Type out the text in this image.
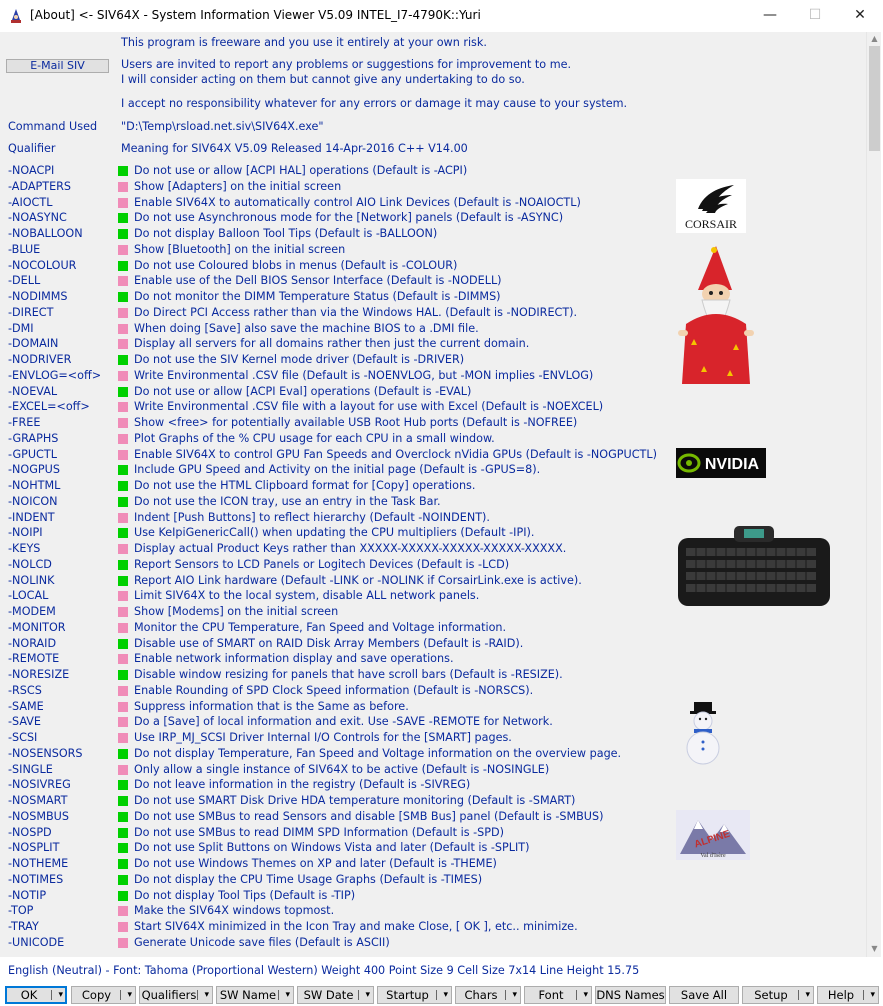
[About] <- SIV64X - System Information Viewer V5.09 INTEL_I7-4790K::Yuri	—	☐	✕
This program is freeware and you use it entirely at your own risk.
E-Mail SIV	Users are invited to report any problems or suggestions for improvement to me.
I will consider acting on them but cannot give any undertaking to do so.
I accept no responsibility whatever for any errors or damage it may cause to your system.
Command Used "D:\Temp\rsload.net.siv\SIV64X.exe"
Qualifier	Meaning for SIV64X V5.09 Released 14-Apr-2016 C++ V14.00
-NOACPI	Do not use or allow [ACPI HAL] operations (Default is -ACPI)
-ADAPTERS	Show [Adapters] on the initial screen
-AIOCTL	Enable SIV64X to automatically control AIO Link Devices (Default is -NOAIOCTL)
-NOASYNC	Do not use Asynchronous mode for the [Network] panels (Default is -ASYNC)
-NOBALLOON	Do not display Balloon Tool Tips (Default is -BALLOON)
-BLUE	Show [Bluetooth] on the initial screen
-NOCOLOUR	Do not use Coloured blobs in menus (Default is -COLOUR)
-DELL	Enable use of the Dell BIOS Sensor Interface (Default is -NODELL)
-NODIMMS	Do not monitor the DIMM Temperature Status (Default is -DIMMS)
-DIRECT	Do Direct PCI Access rather than via the Windows HAL. (Default is -NODIRECT).
-DMI	When doing [Save] also save the machine BIOS to a .DMI file.
-DOMAIN	Display all servers for all domains rather then just the current domain.
-NODRIVER	Do not use the SIV Kernel mode driver (Default is -DRIVER)
-ENVLOG=<off>	Write Environmental .CSV file (Default is -NOENVLOG, but -MON implies -ENVLOG)
-NOEVAL	Do not use or allow [ACPI Eval] operations (Default is -EVAL)
-EXCEL=<off>	Write Environmental .CSV file with a layout for use with Excel (Default is -NOEXCEL)
-FREE	Show <free> for potentially available USB Root Hub ports (Default is -NOFREE)
-GRAPHS	Plot Graphs of the % CPU usage for each CPU in a small window.
-GPUCTL	Enable SIV64X to control GPU Fan Speeds and Overclock nVidia GPUs (Default is -NOGPUCTL)
-NOGPUS	Include GPU Speed and Activity on the initial page (Default is -GPUS=8).
-NOHTML	Do not use the HTML Clipboard format for [Copy] operations.
-NOICON	Do not use the ICON tray, use an entry in the Task Bar.
-INDENT	Indent [Push Buttons] to reflect hierarchy (Default -NOINDENT).
-NOIPI	Use KeIpiGenericCall() when updating the CPU multipliers (Default -IPI).
-KEYS	Display actual Product Keys rather than XXXXX-XXXXX-XXXXX-XXXXX-XXXXX.
-NOLCD	Report Sensors to LCD Panels or Logitech Devices (Default is -LCD)
-NOLINK	Report AIO Link hardware (Default -LINK or -NOLINK if CorsairLink.exe is active).
-LOCAL	Limit SIV64X to the local system, disable ALL network panels.
-MODEM	Show [Modems] on the initial screen
-MONITOR	Monitor the CPU Temperature, Fan Speed and Voltage information.
-NORAID	Disable use of SMART on RAID Disk Array Members (Default is -RAID).
-REMOTE	Enable network information display and save operations.
-NORESIZE	Disable window resizing for panels that have scroll bars (Default is -RESIZE).
-RSCS	Enable Rounding of SPD Clock Speed information (Default is -NORSCS).
-SAME	Suppress information that is the Same as before.
-SAVE	Do a [Save] of local information and exit. Use -SAVE -REMOTE for Network.
-SCSI	Use IRP_MJ_SCSI Driver Internal I/O Controls for the [SMART] pages.
-NOSENSORS	Do not display Temperature, Fan Speed and Voltage information on the overview page.
-SINGLE	Only allow a single instance of SIV64X to be active (Default is -NOSINGLE)
-NOSIVREG	Do not leave information in the registry (Default is -SIVREG)
-NOSMART	Do not use SMART Disk Drive HDA temperature monitoring (Default is -SMART)
-NOSMBUS	Do not use SMBus to read Sensors and disable [SMB Bus] panel (Default is -SMBUS)
-NOSPD	Do not use SMBus to read DIMM SPD Information (Default is -SPD)
-NOSPLIT	Do not use Split Buttons on Windows Vista and later (Default is -SPLIT)
-NOTHEME	Do not use Windows Themes on XP and later (Default is -THEME)
-NOTIMES	Do not display the CPU Time Usage Graphs (Default is -TIMES)
-NOTIP	Do not display Tool Tips (Default is -TIP)
-TOP	Make the SIV64X windows topmost.
-TRAY	Start SIV64X minimized in the Icon Tray and make Close, [ OK ], etc.. minimize.
-UNICODE	Generate Unicode save files (Default is ASCII)
CORSAIR
NVIDIA
ALPINE
Val d'Isère
English (Neutral) - Font: Tahoma (Proportional Western) Weight 400 Point Size 9 Cell Size 7x14 Line Height 15.75
▲
▼
OK ▾	Copy ▾ Qualifiers ▾ SW Name ▾	SW Date ▾	Startup ▾	Chars ▾	Font ▾ DNS Names	Save All	Setup ▾	Help ▾
